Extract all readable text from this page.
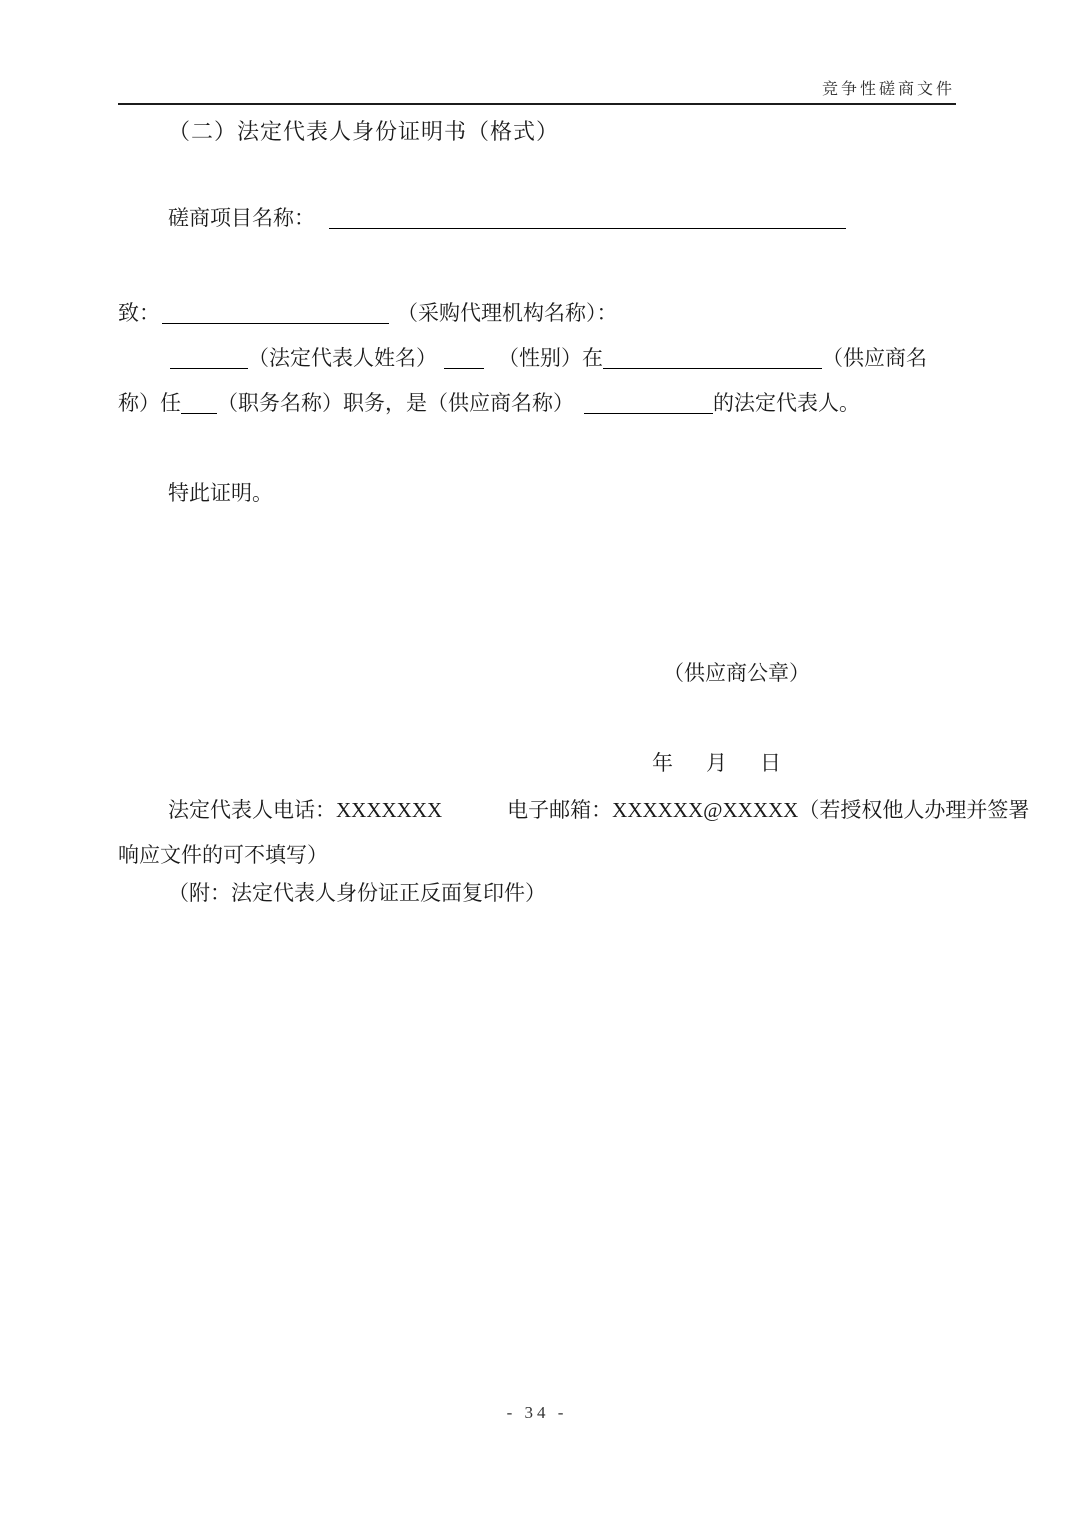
竞争性磋商文件
（二）法定代表人身份证明书（格式）
磋商项目名称：
致：	（采购代理机构名称）：
（法定代表人姓名）	（性别）在	（供应商名
称）任 （职务名称）职务，是（供应商名称）	的法定代表人。
特此证明。
（供应商公章）
年 月 日
法定代表人电话：XXXXXXX	电子邮箱：XXXXXX@XXXXX（若授权他人办理并签署
响应文件的可不填写）
（附：法定代表人身份证正反面复印件）
- 34 -
